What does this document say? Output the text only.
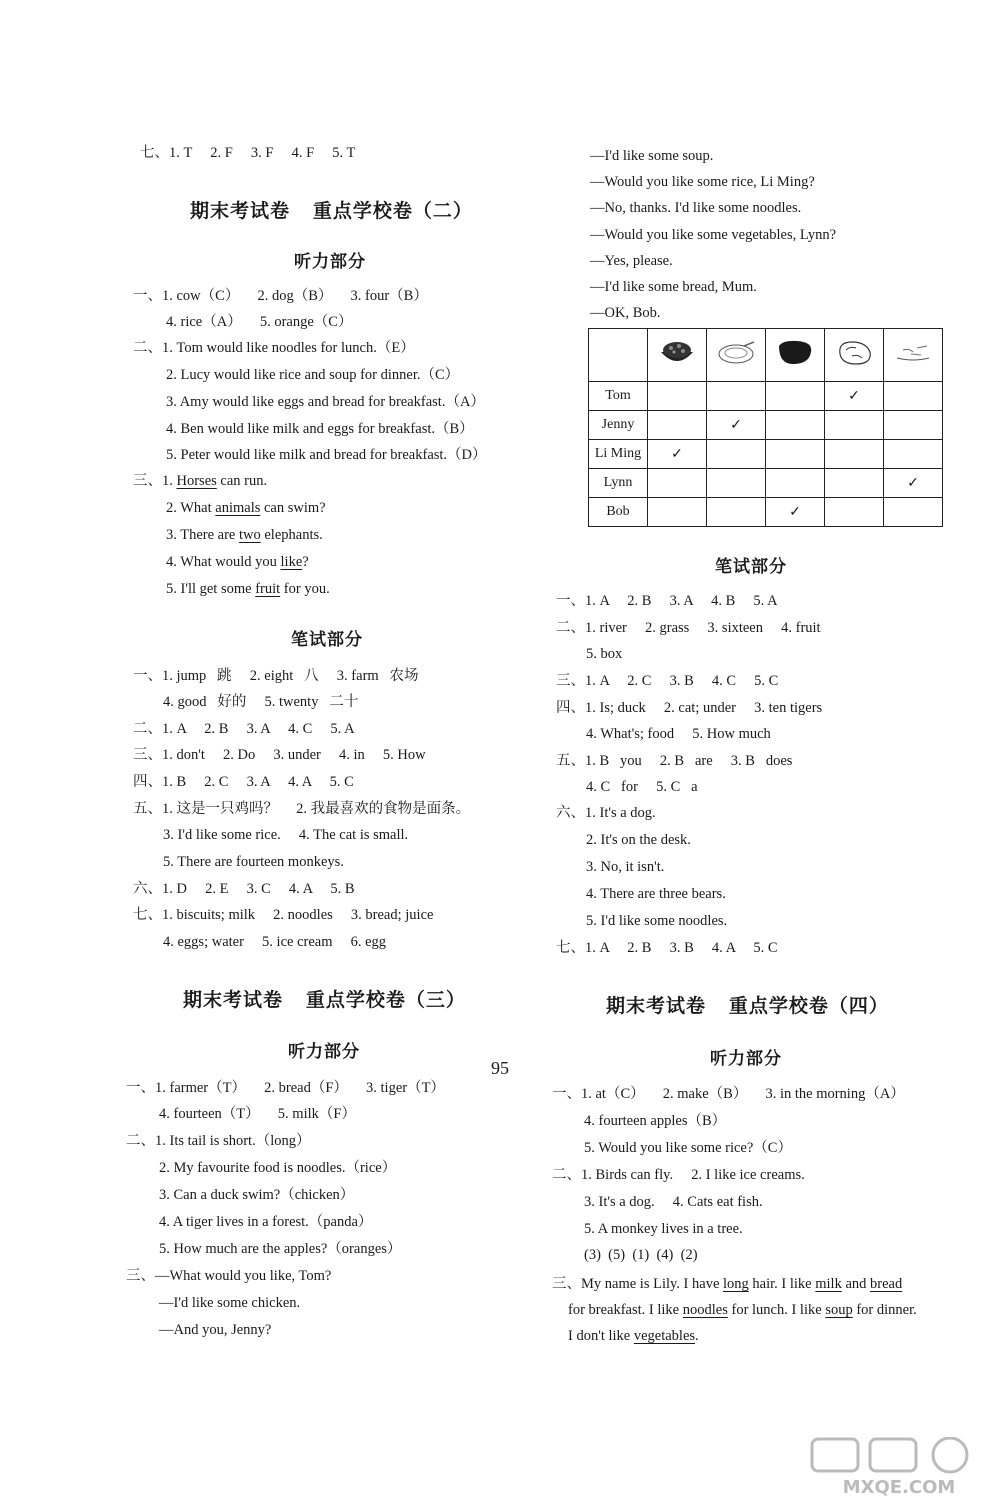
七、1. T     2. F     3. F     4. F     5. T
期末考试卷   重点学校卷（二）
听力部分
一、1. cow（C）     2. dog（B）     3. four（B）
4. rice（A）     5. orange（C）
二、1. Tom would like noodles for lunch.（E）
2. Lucy would like rice and soup for dinner.（C）
3. Amy would like eggs and bread for breakfast.（A）
4. Ben would like milk and eggs for breakfast.（B）
5. Peter would like milk and bread for breakfast.（D）
三、1. Horses can run.
2. What animals can swim?
3. There are two elephants.
4. What would you like?
5. I'll get some fruit for you.
笔试部分
一、1. jump   跳     2. eight   八     3. farm   农场
4. good   好的     5. twenty   二十
二、1. A     2. B     3. A     4. C     5. A
三、1. don't     2. Do     3. under     4. in     5. How
四、1. B     2. C     3. A     4. A     5. C
五、1. 这是一只鸡吗？     2. 我最喜欢的食物是面条。
3. I'd like some rice.     4. The cat is small.
5. There are fourteen monkeys.
六、1. D     2. E     3. C     4. A     5. B
七、1. biscuits; milk     2. noodles     3. bread; juice
4. eggs; water     5. ice cream     6. egg
期末考试卷   重点学校卷（三）
听力部分
一、1. farmer（T）     2. bread（F）     3. tiger（T）
4. fourteen（T）     5. milk（F）
二、1. Its tail is short.（long）
2. My favourite food is noodles.（rice）
3. Can a duck swim?（chicken）
4. A tiger lives in a forest.（panda）
5. How much are the apples?（oranges）
三、—What would you like, Tom?
—I'd like some chicken.
—And you, Jenny?
—I'd like some soup.
—Would you like some rice, Li Ming?
—No, thanks. I'd like some noodles.
—Would you like some vegetables, Lynn?
—Yes, please.
—I'd like some bread, Mum.
—OK, Bob.

Tom				✓	
Jenny		✓			
Li Ming	✓				
Lynn					✓
Bob			✓		
笔试部分
一、1. A     2. B     3. A     4. B     5. A
二、1. river     2. grass     3. sixteen     4. fruit
5. box
三、1. A     2. C     3. B     4. C     5. C
四、1. Is; duck     2. cat; under     3. ten tigers
4. What's; food     5. How much
五、1. B   you     2. B   are     3. B   does
4. C   for     5. C   a
六、1. It's a dog.
2. It's on the desk.
3. No, it isn't.
4. There are three bears.
5. I'd like some noodles.
七、1. A     2. B     3. B     4. A     5. C
期末考试卷   重点学校卷（四）
听力部分
一、1. at（C）     2. make（B）     3. in the morning（A）
4. fourteen apples（B）
5. Would you like some rice?（C）
二、1. Birds can fly.     2. I like ice creams.
3. It's a dog.     4. Cats eat fish.
5. A monkey lives in a tree.
(3)  (5)  (1)  (4)  (2)
三、My name is Lily. I have long hair. I like milk and bread
for breakfast. I like noodles for lunch. I like soup for dinner.
I don't like vegetables.
95
MXQE.COM
